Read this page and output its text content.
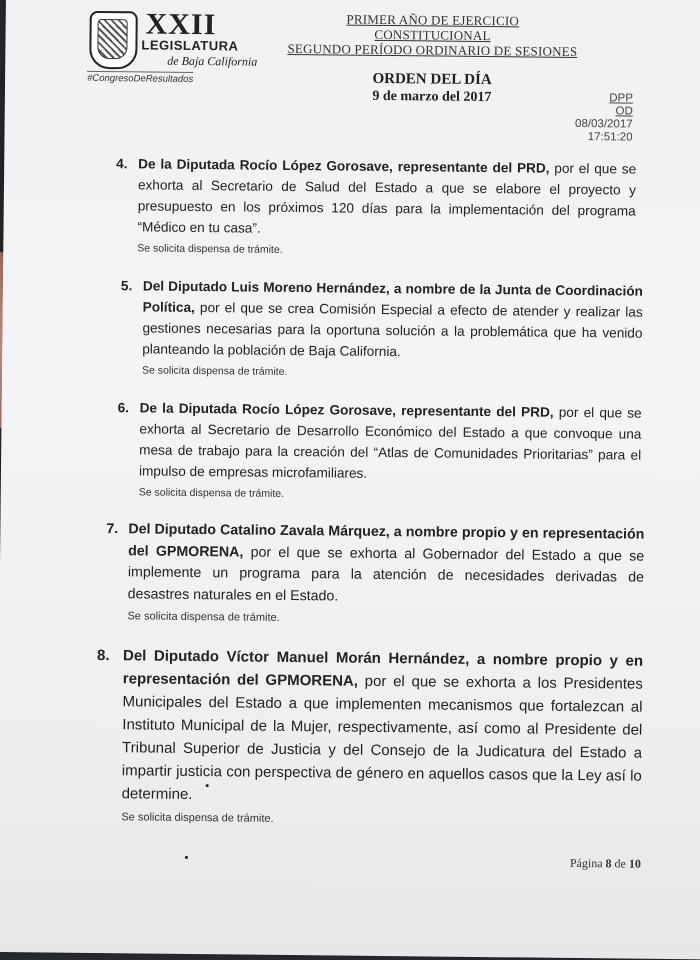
XXII
LEGISLATURA
de Baja California
#CongresoDeResultados
PRIMER AÑO DE EJERCICIO CONSTITUCIONAL
SEGUNDO PERÍODO ORDINARIO DE SESIONES
ORDEN DEL DÍA
9 de marzo del 2017	DPP
OD
08/03/2017
17:51:20
4. De la Diputada Rocío López Gorosave, representante del PRD, por el que se exhorta al Secretario de Salud del Estado a que se elabore el proyecto y presupuesto en los próximos 120 días para la implementación del programa “Médico en tu casa”.
Se solicita dispensa de trámite.
5. Del Diputado Luis Moreno Hernández, a nombre de la Junta de Coordinación Política, por el que se crea Comisión Especial a efecto de atender y realizar las gestiones necesarias para la oportuna solución a la problemática que ha venido planteando la población de Baja California.
Se solicita dispensa de trámite.
6. De la Diputada Rocío López Gorosave, representante del PRD, por el que se exhorta al Secretario de Desarrollo Económico del Estado a que convoque una mesa de trabajo para la creación del “Atlas de Comunidades Prioritarias” para el impulso de empresas microfamiliares.
Se solicita dispensa de trámite.
7. Del Diputado Catalino Zavala Márquez, a nombre propio y en representación del GPMORENA, por el que se exhorta al Gobernador del Estado a que se implemente un programa para la atención de necesidades derivadas de desastres naturales en el Estado.
Se solicita dispensa de trámite.
8. Del Diputado Víctor Manuel Morán Hernández, a nombre propio y en representación del GPMORENA, por el que se exhorta a los Presidentes Municipales del Estado a que implementen mecanismos que fortalezcan al Instituto Municipal de la Mujer, respectivamente, así como al Presidente del Tribunal Superior de Justicia y del Consejo de la Judicatura del Estado a impartir justicia con perspectiva de género en aquellos casos que la Ley así lo determine.
Se solicita dispensa de trámite.
Página 8 de 10
